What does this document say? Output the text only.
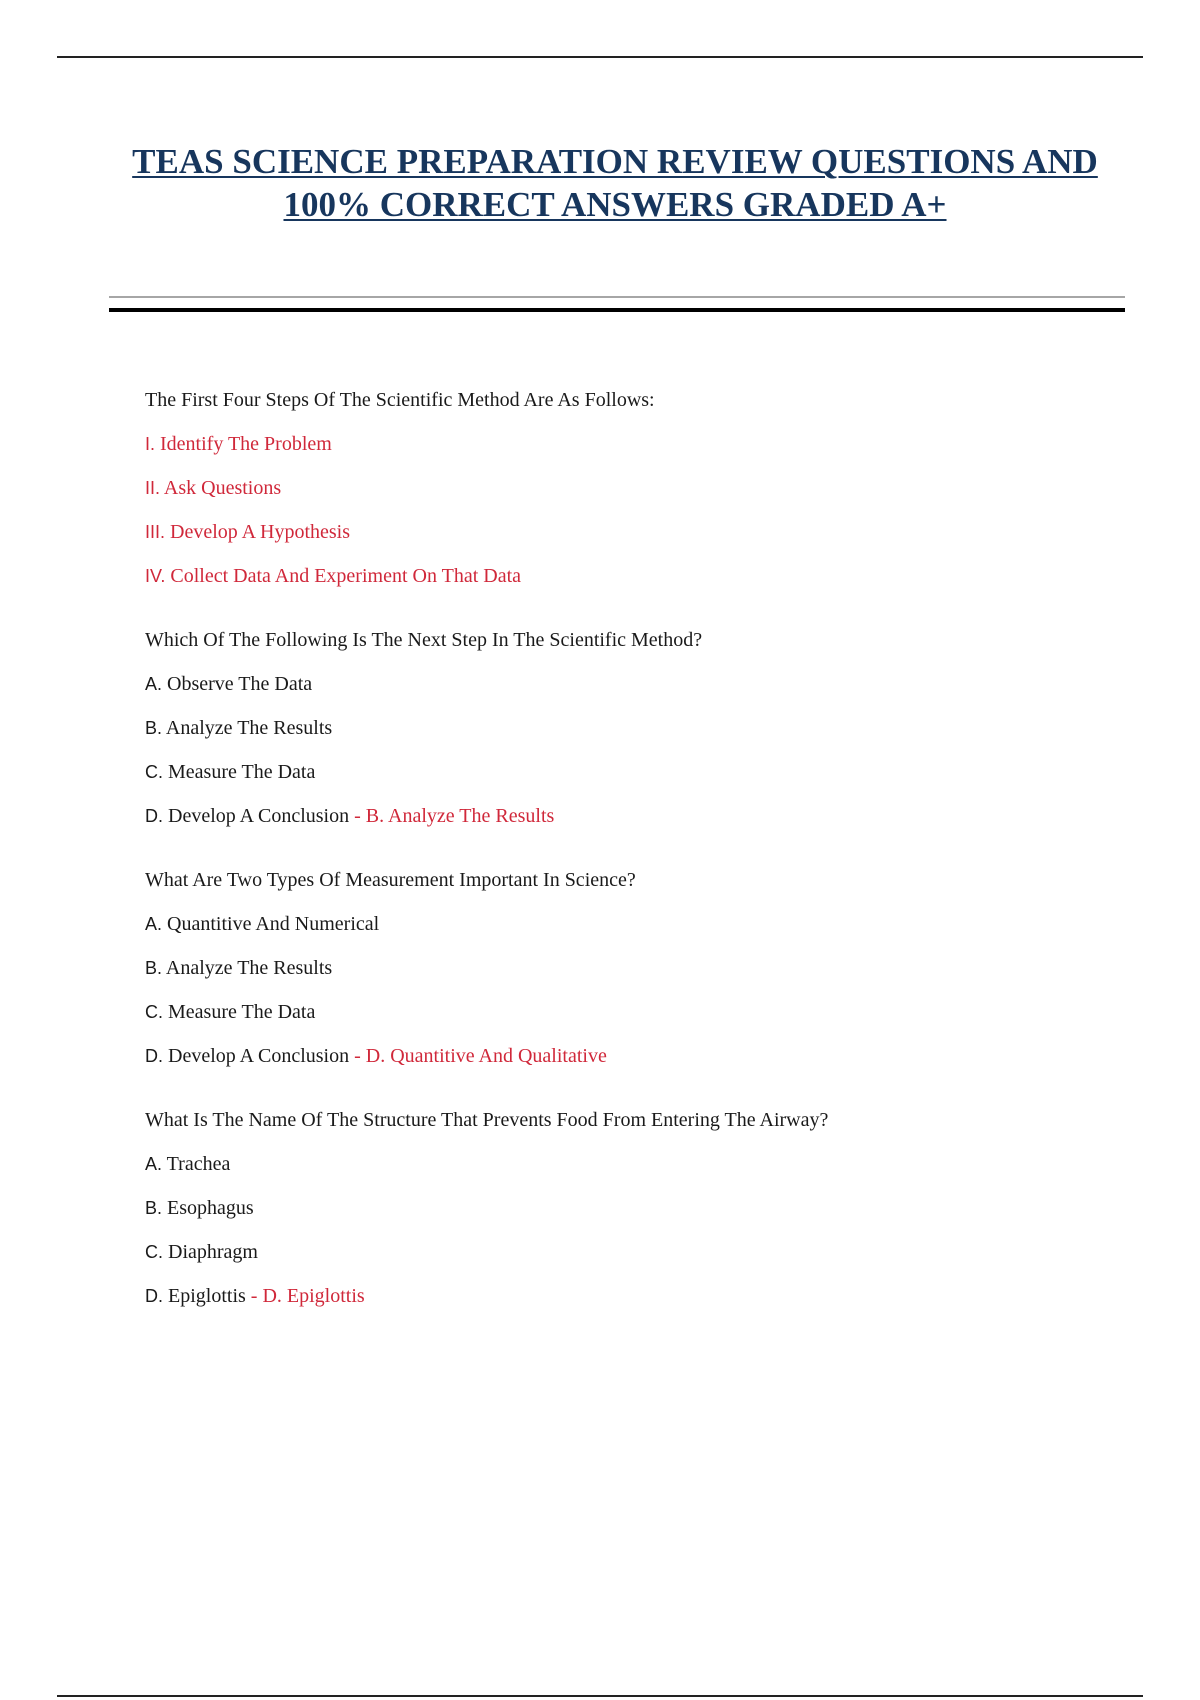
TEAS SCIENCE PREPARATION REVIEW QUESTIONS AND 100% CORRECT ANSWERS GRADED A+

The First Four Steps Of The Scientific Method Are As Follows:

I. Identify The Problem

II. Ask Questions

III. Develop A Hypothesis

IV. Collect Data And Experiment On That Data

Which Of The Following Is The Next Step In The Scientific Method?

A. Observe The Data

B. Analyze The Results

C. Measure The Data

D. Develop A Conclusion - B. Analyze The Results

What Are Two Types Of Measurement Important In Science?

A. Quantitive And Numerical

B. Analyze The Results

C. Measure The Data

D. Develop A Conclusion - D. Quantitive And Qualitative

What Is The Name Of The Structure That Prevents Food From Entering The Airway?

A. Trachea

B. Esophagus

C. Diaphragm

D. Epiglottis - D. Epiglottis
